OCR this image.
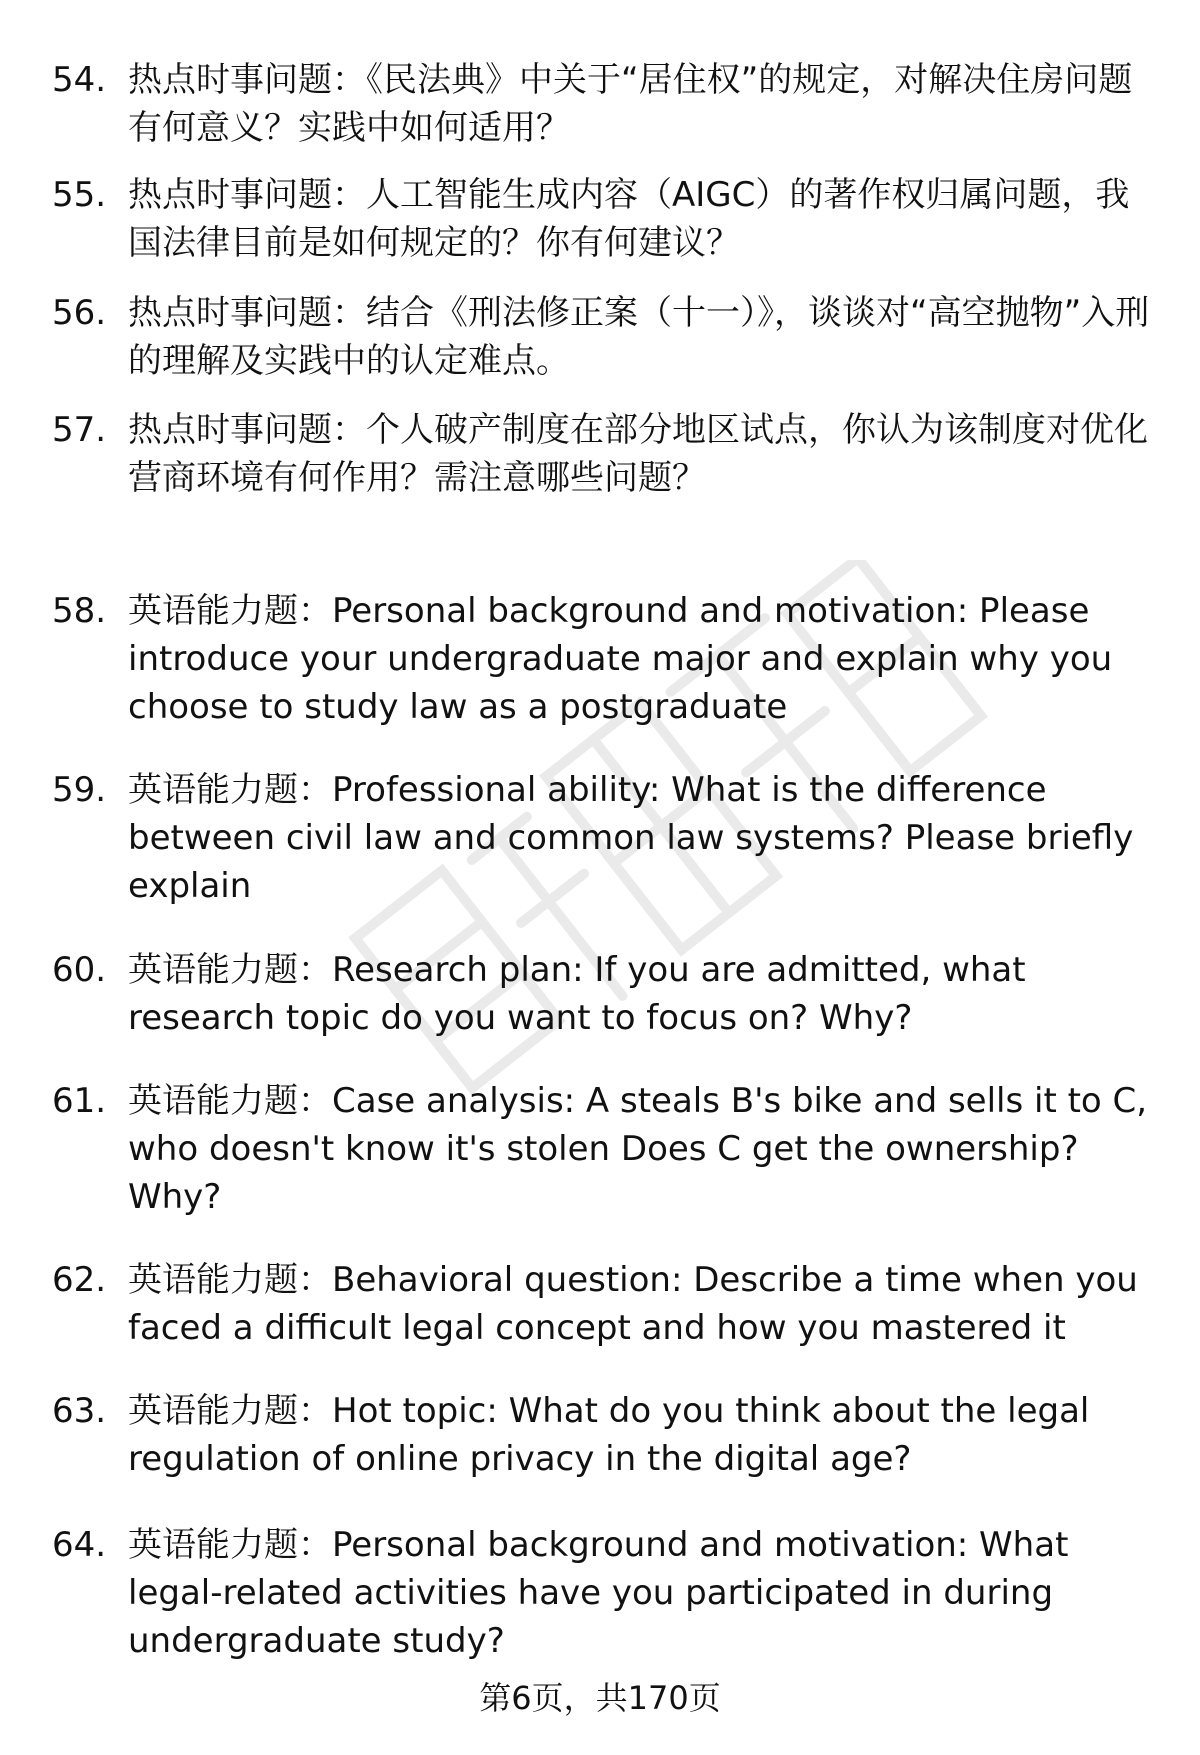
54. 热点时事问题：《民法典》中关于“居住权”的规定，对解决住房问题有何意义？实践中如何适用？
55. 热点时事问题：人工智能生成内容（AIGC）的著作权归属问题，我国法律目前是如何规定的？你有何建议？
56. 热点时事问题：结合《刑法修正案（十一）》，谈谈对“高空抛物”入刑的理解及实践中的认定难点。
57. 热点时事问题：个人破产制度在部分地区试点，你认为该制度对优化营商环境有何作用？需注意哪些问题？
58. 英语能力题：Personal background and motivation: Please introduce your undergraduate major and explain why you choose to study law as a postgraduate
59. 英语能力题：Professional ability: What is the difference between civil law and common law systems? Please briefly explain
60. 英语能力题：Research plan: If you are admitted, what research topic do you want to focus on? Why?
61. 英语能力题：Case analysis: A steals B's bike and sells it to C, who doesn't know it's stolen Does C get the ownership? Why?
62. 英语能力题：Behavioral question: Describe a time when you faced a difficult legal concept and how you mastered it
63. 英语能力题：Hot topic: What do you think about the legal regulation of online privacy in the digital age?
64. 英语能力题：Personal background and motivation: What legal-related activities have you participated in during undergraduate study?
第6页，共170页
